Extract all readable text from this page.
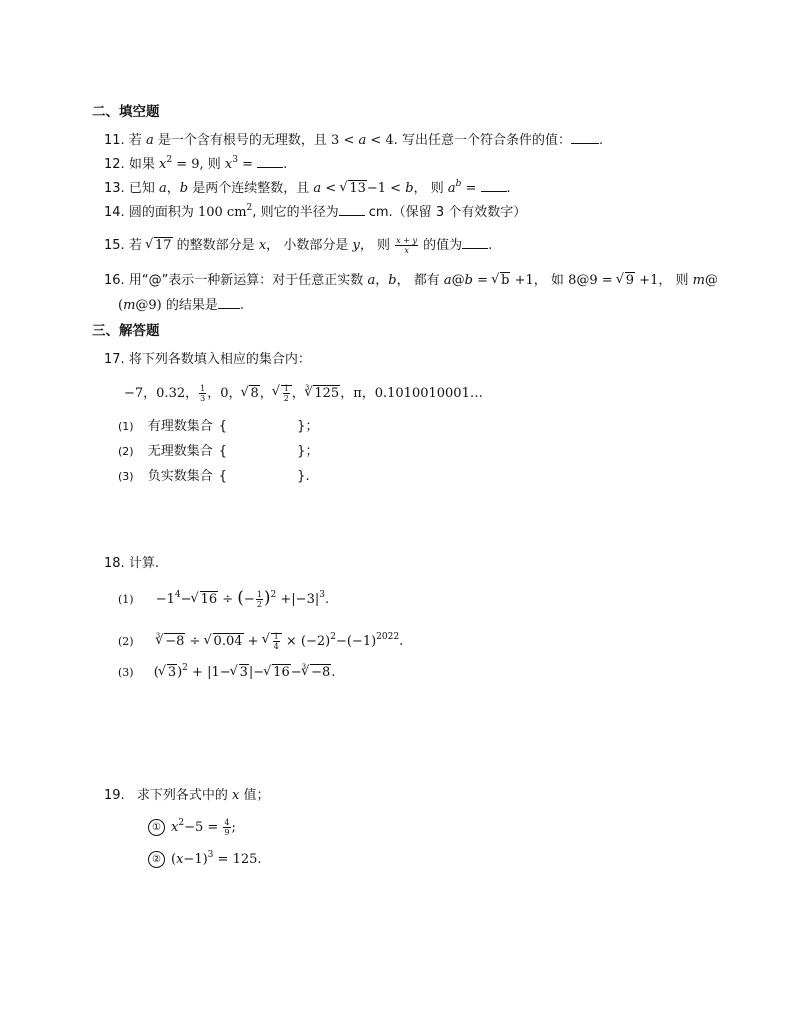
二、填空题
11. 若 a 是一个含有根号的无理数，且 3 < a < 4. 写出任意一个符合条件的值： .
12. 如果 $x^2 = 9$, 则 $x^3$ = .
13. 已知 a，b 是两个连续整数，且 a < √ 13−1 < b， 则 $a^b$ = .
14. 圆的面积为 100 $cm^2$, 则它的半径为 cm.（保留 3 个有效数字）
15. 若 √ 17 的整数部分是 x， 小数部分是 y， 则 $\frac{x + y}{x}$ 的值为 .
16. 用“@”表示一种新运算：对于任意正实数 a，b， 都有 a@b = √ b +1， 如 8@9 = √ 9 +1， 则 m@
(m@9) 的结果是 .
三、解答题
17. 将下列各数填入相应的集合内：
−7，0.32， $\frac{1}{3}$ ，0，√ 8，
√ $\frac{1}{2}$ ，$^3$√ 125，π，0.1010010001…
(1) 有理数集合 {	}；
(2) 无理数集合 {	}；
(3) 负实数集合 {	}.
18. 计算.
$(1) -1^4-√$ 16 ÷ (− $\frac{1}{2} )^2 +|-3|^3$.
(2)	$^3$√ −8 ÷ √ 0.04 +
√ $\frac{1}{4} \times (-2)^2-(-1)^{2022}$.
(3) (√ 3)$^2$ + |1−√ 3|−√ 16−$^3$√ −8.
19. 求下列各式中的 x 值；
① $x^2-5 = \frac{4}{9}$ ;
② $(x-1)^3 = 125$.
